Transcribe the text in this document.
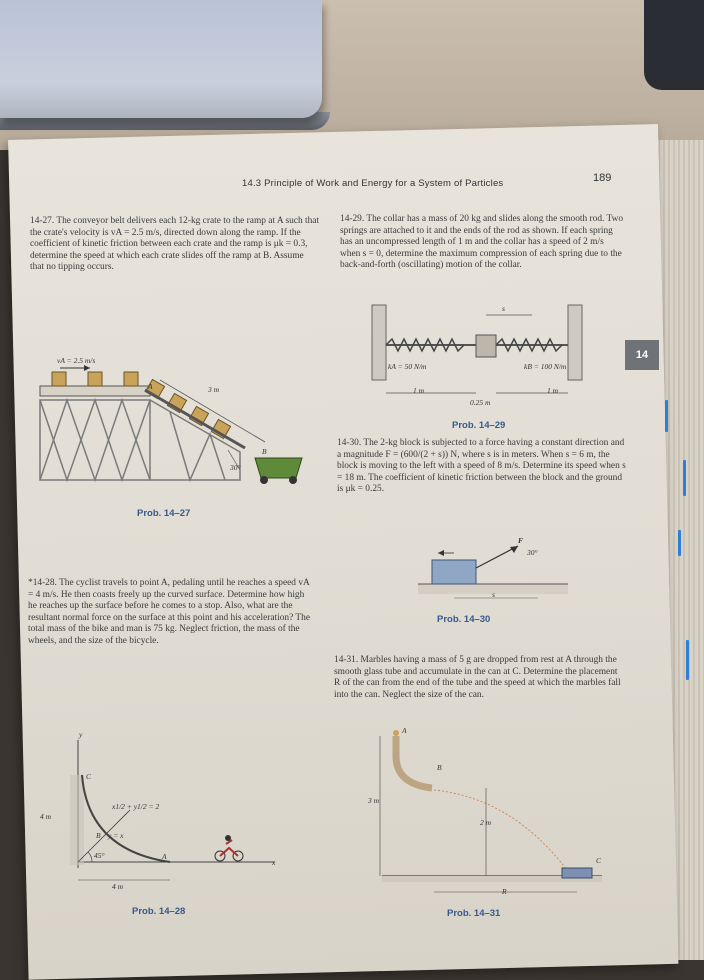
14
14.3 Principle of Work and Energy for a System of Particles	189
14-27. The conveyor belt delivers each 12-kg crate to the ramp at A such that the crate's velocity is vA = 2.5 m/s, directed down along the ramp. If the coefficient of kinetic friction between each crate and the ramp is μk = 0.3, determine the speed at which each crate slides off the ramp at B. Assume that no tipping occurs.
vA = 2.5 m/s
3 m
A
B
30°
Prob. 14–27
14-29. The collar has a mass of 20 kg and slides along the smooth rod. Two springs are attached to it and the ends of the rod as shown. If each spring has an uncompressed length of 1 m and the collar has a speed of 2 m/s when s = 0, determine the maximum compression of each spring due to the back-and-forth (oscillating) motion of the collar.
kA = 50 N/m	kB = 100 N/m
1 m	1 m
0.25 m
s
Prob. 14–29
14-30. The 2-kg block is subjected to a force having a constant direction and a magnitude F = (600/(2 + s)) N, where s is in meters. When s = 6 m, the block is moving to the left with a speed of 8 m/s. Determine its speed when s = 18 m. The coefficient of kinetic friction between the block and the ground is μk = 0.25.
F
30°
s
Prob. 14–30
*14-28. The cyclist travels to point A, pedaling until he reaches a speed vA = 4 m/s. He then coasts freely up the curved surface. Determine how high he reaches up the surface before he comes to a stop. Also, what are the resultant normal force on the surface at this point and his acceleration? The total mass of the bike and man is 75 kg. Neglect friction, the mass of the wheels, and the size of the bicycle.
y
x
C
x1/2 + y1/2 = 2
B y = x
45°
4 m
4 m
A
Prob. 14–28
14-31. Marbles having a mass of 5 g are dropped from rest at A through the smooth glass tube and accumulate in the can at C. Determine the placement R of the can from the end of the tube and the speed at which the marbles fall into the can. Neglect the size of the can.
A
B
C
3 m
2 m
R
Prob. 14–31
